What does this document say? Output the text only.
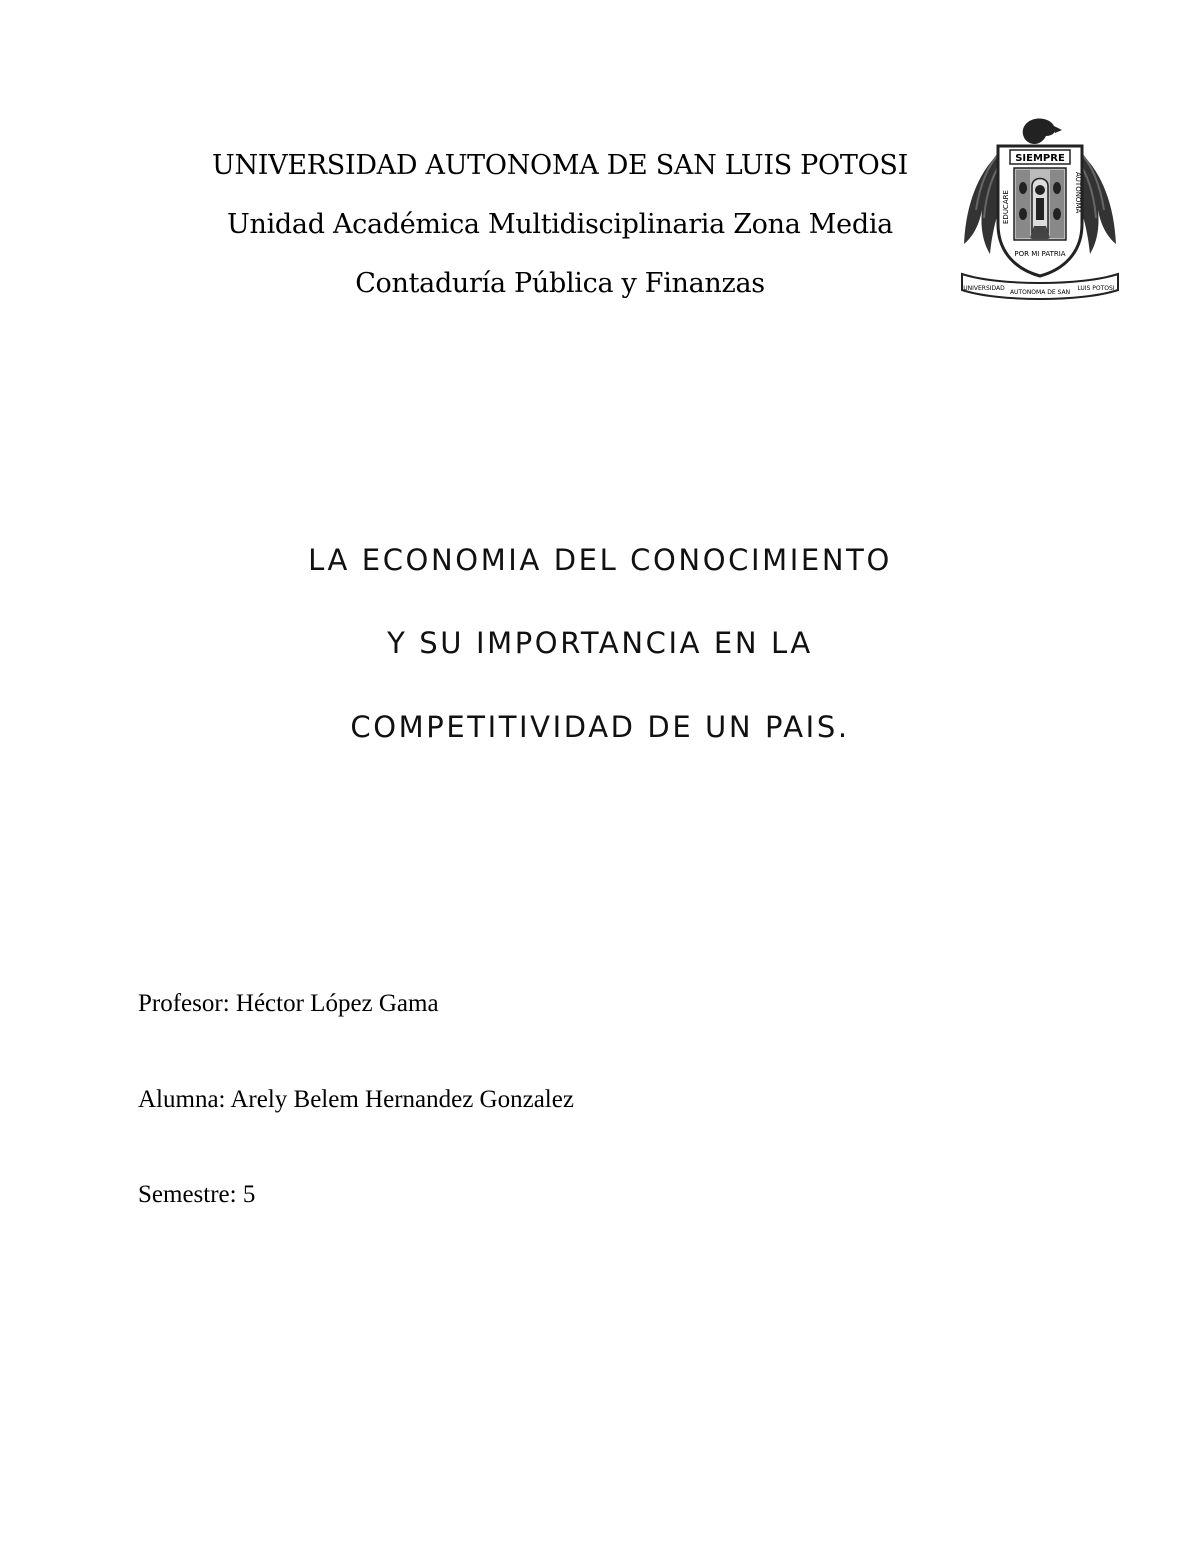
UNIVERSIDAD AUTONOMA DE SAN LUIS POTOSI
Unidad Académica Multidisciplinaria Zona Media
Contaduría Pública y Finanzas
SIEMPRE
EDUCARE	AUTONOMA
POR MI PATRIA
UNIVERSIDAD
AUTONOMA DE SAN
LUIS POTOSI
LA ECONOMIA DEL CONOCIMIENTO
Y SU IMPORTANCIA EN LA
COMPETITIVIDAD DE UN PAIS.
Profesor: Héctor López Gama
Alumna: Arely Belem Hernandez Gonzalez
Semestre: 5
